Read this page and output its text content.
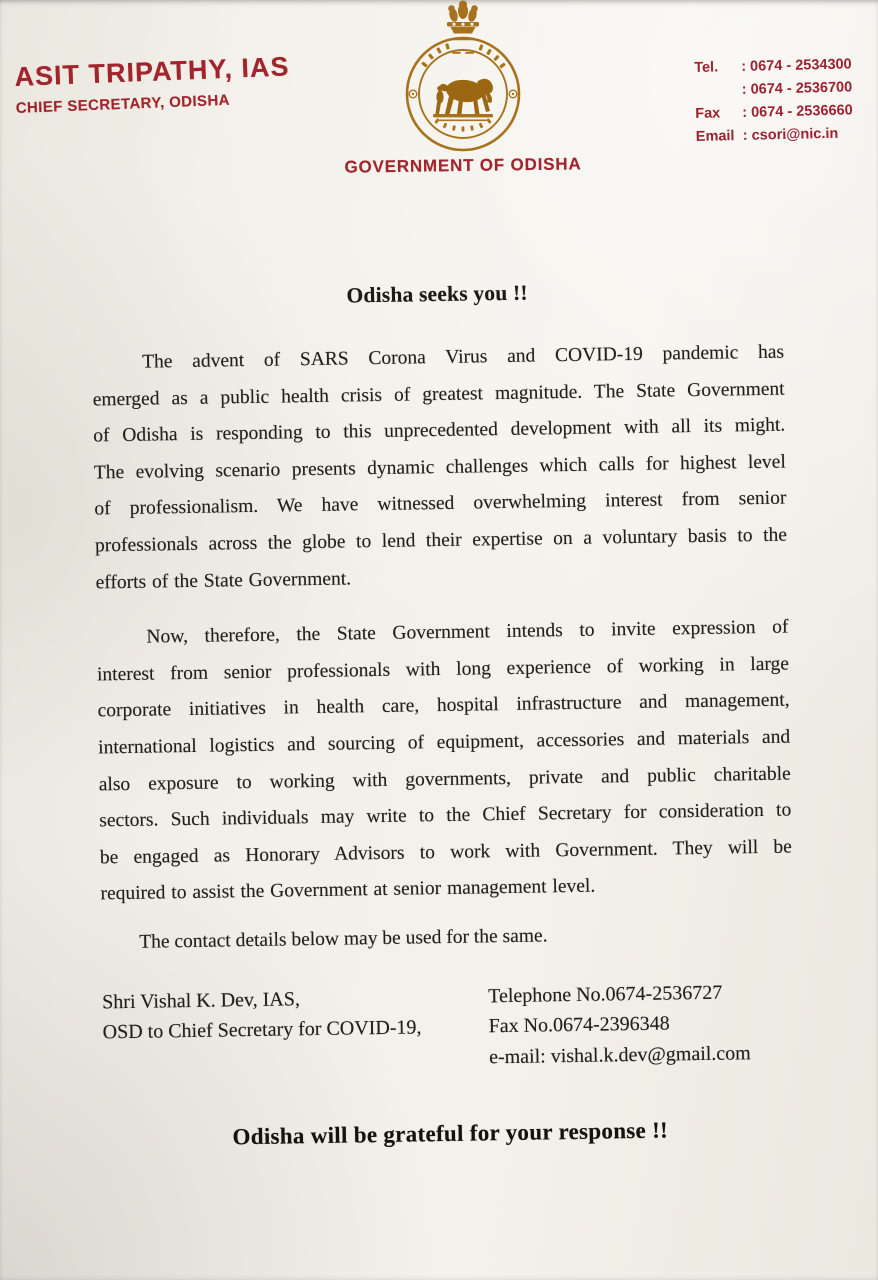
ASIT TRIPATHY, IAS
CHIEF SECRETARY, ODISHA
GOVERNMENT OF ODISHA
Tel.	: 0674 - 2534300
: 0674 - 2536700
Fax	: 0674 - 2536660
Email : csori@nic.in
Odisha seeks you !!
The advent of SARS Corona Virus and COVID-19 pandemic has
emerged as a public health crisis of greatest magnitude. The State Government
of Odisha is responding to this unprecedented development with all its might.
The evolving scenario presents dynamic challenges which calls for highest level
of professionalism. We have witnessed overwhelming interest from senior
professionals across the globe to lend their expertise on a voluntary basis to the
efforts of the State Government.
Now, therefore, the State Government intends to invite expression of
interest from senior professionals with long experience of working in large
corporate initiatives in health care, hospital infrastructure and management,
international logistics and sourcing of equipment, accessories and materials and
also exposure to working with governments, private and public charitable
sectors. Such individuals may write to the Chief Secretary for consideration to
be engaged as Honorary Advisors to work with Government. They will be
required to assist the Government at senior management level.
The contact details below may be used for the same.
Shri Vishal K. Dev, IAS,
OSD to Chief Secretary for COVID-19,
Telephone No.0674-2536727
Fax No.0674-2396348
e-mail: vishal.k.dev@gmail.com
Odisha will be grateful for your response !!
